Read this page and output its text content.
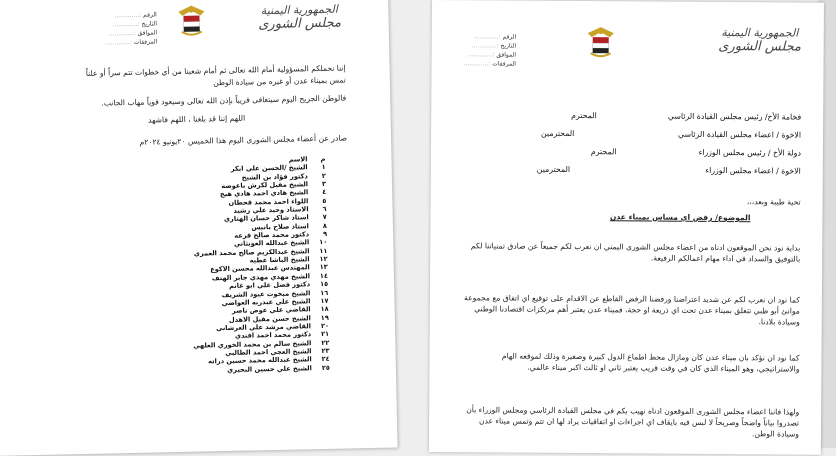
الجمهورية اليمنية
مجلس الشورى
الرقم :.............
التاريخ :.............
الموافق :.............
المرفقات :.............
إننا نحملكم المسؤولية أمام الله تعالى ثم أمام شعبنا من أي خطوات تتم سراً أو علناً
تمس بميناء عدن أو غيره من سيادة الوطن
فالوطن الجريح اليوم سيتعافى قريباً بإذن الله تعالى وسيعود قوياً مهاب الجانب.
اللهم إننا قد بلغنا ، اللهم فاشهد
صادر عن أعضاء مجلس الشورى اليوم هذا الخميس ٢٠يونيو ٢٠٢٤م
م
الاسم
١
الشيخ /الحسن علي ابكر
٢
دكتور فؤاد بن الشيخ
٣
الشيخ مقبل لكرش باعوضه
٤
الشيخ هادي احمد هادي هيج
٥
اللواء احمد محمد قحطان
٦
الاستاذ وحيد علي رشيد
٧
استاذ شاكر حسان الهتاري
٨
استاذ صلاح باتيس
٩
دكتور محمد صالح قرعه
١٠
الشيخ عبدالله العوبثاني
١١
الشيخ عبدالكريم صالح محمد العمري
١٢
الشيخ الباشا عطيه
١٣
المهندس عبدالله محسن الاكوع
١٤
الشيخ مهدي مهدي جابر الهتف
١٥
دكتور فضل علي ابو غانم
١٦
الشيخ مبخوت عبود الشريف
١٧
الشيخ علي عبدربه العواضي
١٨
القاضي علي عوض ناصر
١٩
الشيخ حسن مقبل الاهدل
٢٠
القاضي مرشد علي العرشاني
٢١
دكتور محمد احمد افندي
٢٢
الشيخ سالم بن محمد الخوري العلهي
٢٣
الشيخ العجي احمد الطالبي
٢٤
الشيخ عبدالله محمد حسين دراته
٢٥
الشيخ علي حسين البحيري
الجمهورية اليمنية
مجلس الشورى
الرقم :.............
التاريخ :.............
الموافق :.............
المرفقات :.............
فخامة الأخ/ رئيس مجلس القيادة الرئاسي
المحترم
الاخوة / اعضاء مجلس القيادة الرئاسي
المحترمين
دولة الأخ / رئيس مجلس الوزراء
المحترم
الاخوة / اعضاء مجلس الوزراء
المحترمين
تحية طيبة وبعد،،،
الموضوع/ رفض اي مساس بميناء عدن
بداية نود نحن الموقعون ادناه من اعضاء مجلس الشورى اليمني ان نعرب لكم جميعاً عن صادق تمنياتنا لكم بالتوفيق والسداد في اداء مهام اعمالكم الرفيعة.
كما نود ان نعرب لكم عن شديد اعتراضنا ورفضنا الرفض القاطع عن الاقدام على توقيع اي اتفاق مع مجموعة موانئ أبو ظبي تتعلق بميناء عدن تحت اي ذريعة او حجة، فميناء عدن يعتبر أهم مرتكزات اقتصادنا الوطني وسيادة بلادنا.
كما نود ان نؤكد بان ميناء عدن كان ومازال محط اطماع الدول كبيرة وصغيرة وذلك لموقعه الهام والاستراتيجي، وهو الميناء الذي كان في وقت قريب يعتبر ثاني او ثالث اكبر ميناء عالمي.
ولهذا فاننا اعضاء مجلس الشورى الموقعون ادناه نهيب بكم في مجلس القيادة الرئاسي ومجلس الوزراء بأن تصدروا بياناً واضحاً وصريحاً لا لبس فيه بايقاف اي اجراءات او اتفاقيات يراد لها ان تتم وتمس ميناء عدن وسيادة الوطن.
